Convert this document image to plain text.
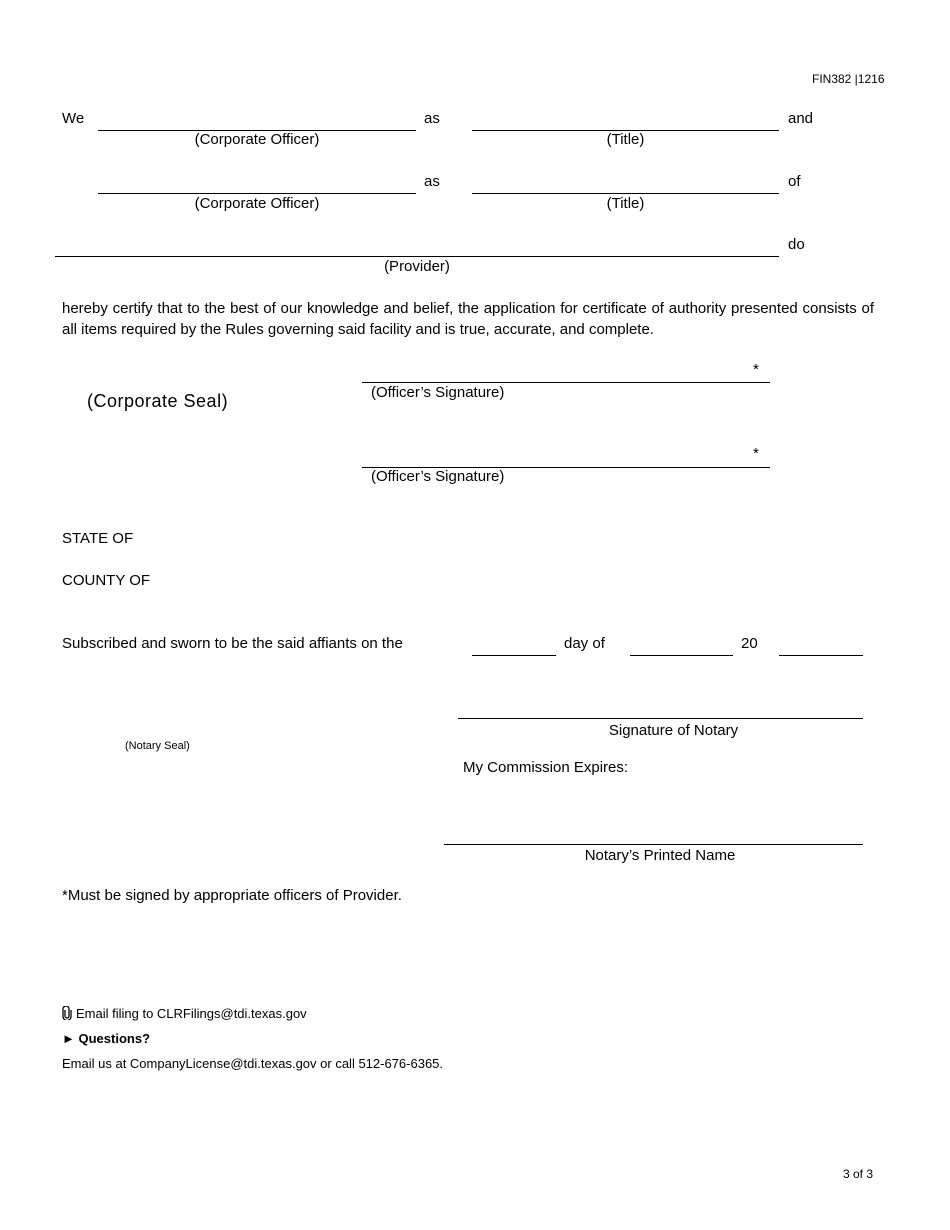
FIN382 |1216
We	as	and
(Corporate Officer)	(Title)
as	of
(Corporate Officer)	(Title)
do
(Provider)
hereby certify that to the best of our knowledge and belief, the application for certificate of authority presented consists of all items required by the Rules governing said facility and is true, accurate, and complete.
(Corporate Seal)
*
(Officer’s Signature)
*
(Officer’s Signature)
STATE OF
COUNTY OF
Subscribed and sworn to be the said affiants on the	day of	20
Signature of Notary
(Notary Seal)
My Commission Expires:
Notary’s Printed Name
*Must be signed by appropriate officers of Provider.
Email filing to CLRFilings@tdi.texas.gov
► Questions?
Email us at CompanyLicense@tdi.texas.gov or call 512-676-6365.
3 of 3
